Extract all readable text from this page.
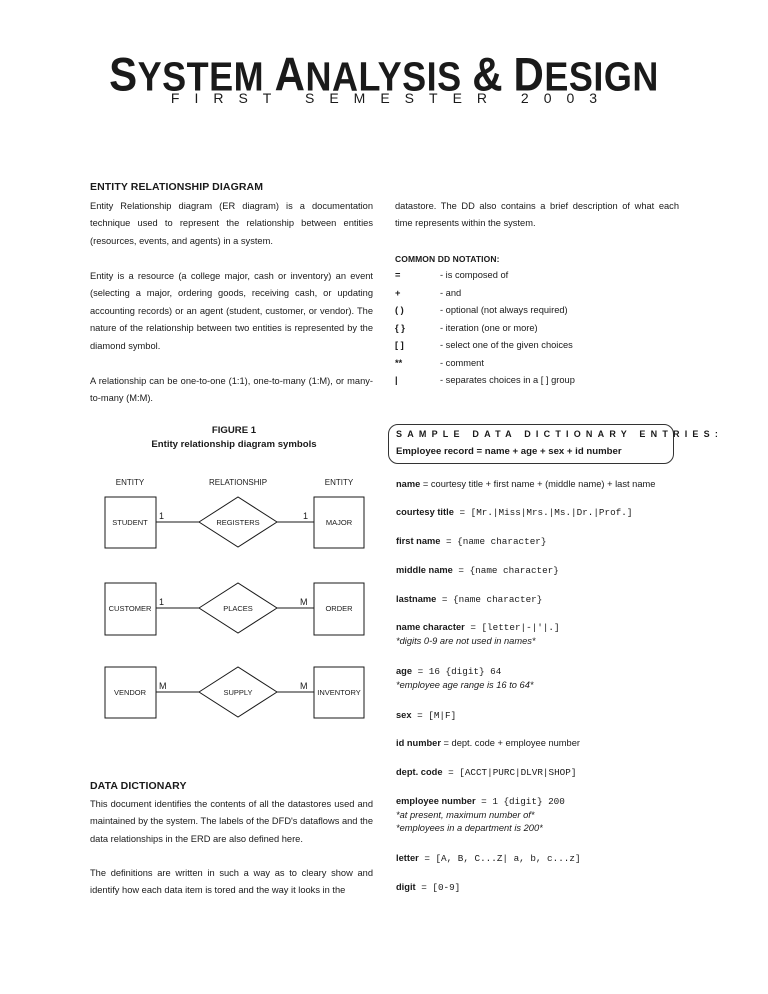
SYSTEM ANALYSIS & DESIGN
FIRST SEMESTER 2003
ENTITY RELATIONSHIP DIAGRAM
Entity Relationship diagram (ER diagram) is a documentation technique used to represent the relationship between entities (resources, events, and agents) in a system.
Entity is a resource (a college major, cash or inventory) an event (selecting a major, ordering goods, receiving cash, or updating accounting records) or an agent (student, customer, or vendor). The nature of the relationship between two entities is represented by the diamond symbol.
A relationship can be one-to-one (1:1), one-to-many (1:M), or many-to-many (M:M).
FIGURE 1
Entity relationship diagram symbols
ENTITY	RELATIONSHIP	ENTITY
STUDENT	REGISTERS	MAJOR
1	1
CUSTOMER	PLACES	ORDER
1	M
VENDOR	SUPPLY	INVENTORY
M	M
DATA DICTIONARY
This document identifies the contents of all the datastores used and maintained by the system. The labels of the DFD's dataflows and the data relationships in the ERD are also defined here.
The definitions are written in such a way as to cleary show and identify how each data item is tored and the way it looks in the
datastore. The DD also contains a brief description of what each time represents within the system.
COMMON DD NOTATION:
=	- is composed of
+	- and
( )	- optional (not always required)
{ }	- iteration (one or more)
[ ]	- select one of the given choices
**	- comment
|	- separates choices in a [ ] group
SAMPLE DATA DICTIONARY ENTRIES:
Employee record = name + age + sex + id number
name = courtesy title + first name + (middle name) + last name
courtesy title = [Mr.|Miss|Mrs.|Ms.|Dr.|Prof.]
first name = {name character}
middle name = {name character}
lastname = {name character}
name character = [letter|-|'|.]
*digits 0-9 are not used in names*
age = 16 {digit} 64
*employee age range is 16 to 64*
sex = [M|F]
id number = dept. code + employee number
dept. code = [ACCT|PURC|DLVR|SHOP]
employee number = 1 {digit} 200
*at present, maximum number of*
*employees in a department is 200*
letter = [A, B, C...Z| a, b, c...z]
digit = [0-9]
